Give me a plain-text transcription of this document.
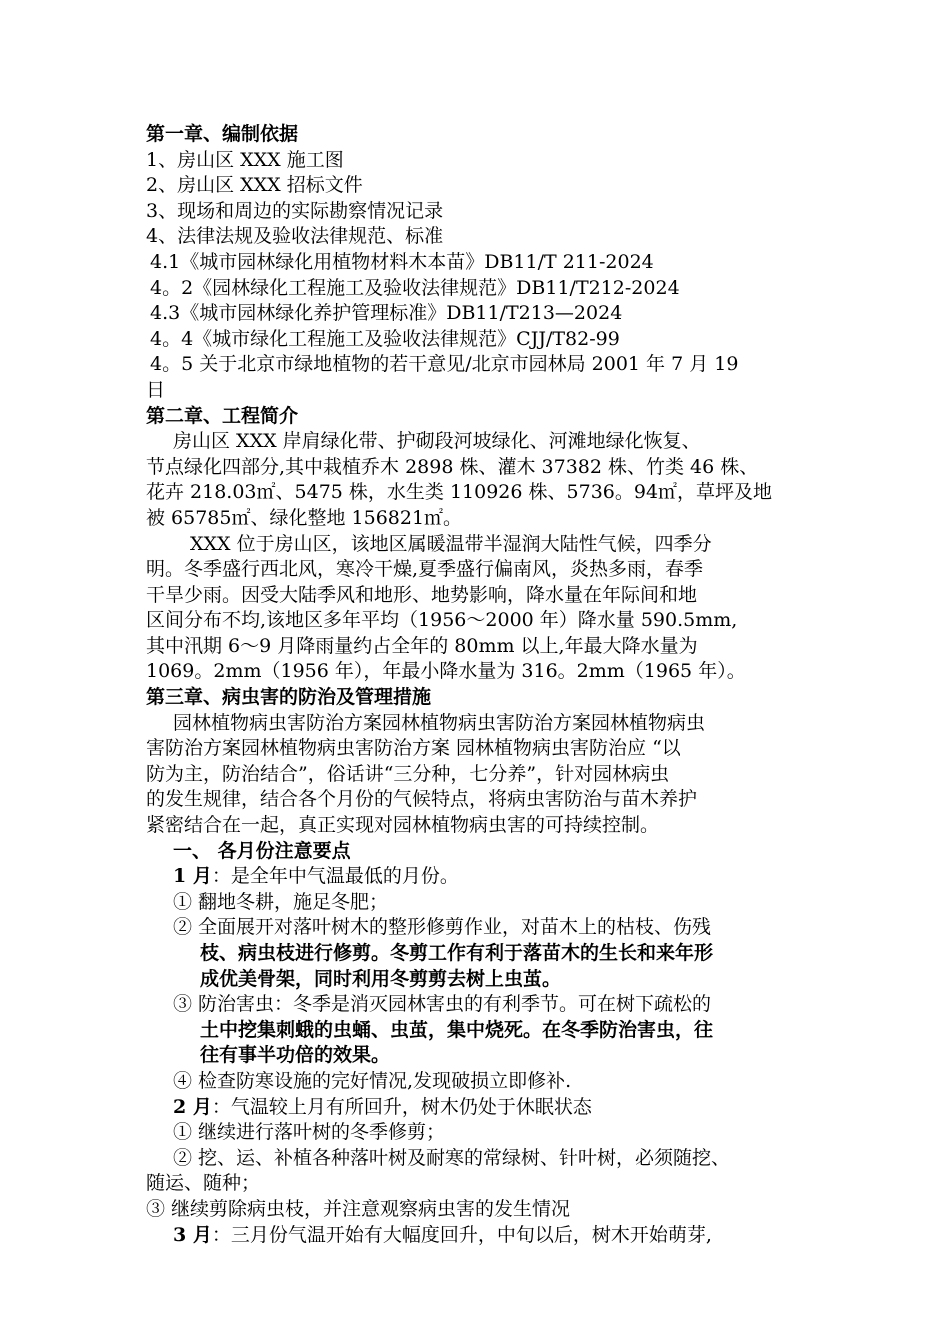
第一章、编制依据
1、房山区 XXX 施工图
2、房山区 XXX 招标文件
3、现场和周边的实际勘察情况记录
4、法律法规及验收法律规范、标准
4.1《城市园林绿化用植物材料木本苗》DB11/T 211-2024
4。2《园林绿化工程施工及验收法律规范》DB11/T212-2024
4.3《城市园林绿化养护管理标准》DB11/T213—2024
4。4《城市绿化工程施工及验收法律规范》CJJ/T82-99
4。5 关于北京市绿地植物的若干意见/北京市园林局 2001 年 7 月 19
日
第二章、工程简介
房山区 XXX 岸肩绿化带、护砌段河坡绿化、河滩地绿化恢复、
节点绿化四部分,其中栽植乔木 2898 株、灌木 37382 株、竹类 46 株、
花卉 218.03㎡、5475 株，水生类 110926 株、5736。94㎡，草坪及地
被 65785㎡、绿化整地 156821㎡。
XXX 位于房山区，该地区属暖温带半湿润大陆性气候，四季分
明。冬季盛行西北风，寒冷干燥,夏季盛行偏南风，炎热多雨，春季
干旱少雨。因受大陆季风和地形、地势影响，降水量在年际间和地
区间分布不均,该地区多年平均（1956～2000 年）降水量 590.5mm,
其中汛期 6～9 月降雨量约占全年的 80mm 以上,年最大降水量为
1069。2mm（1956 年），年最小降水量为 316。2mm（1965 年）。
第三章、病虫害的防治及管理措施
园林植物病虫害防治方案园林植物病虫害防治方案园林植物病虫
害防治方案园林植物病虫害防治方案 园林植物病虫害防治应 “以
防为主，防治结合”，俗话讲“三分种，七分养”，针对园林病虫
的发生规律，结合各个月份的气候特点，将病虫害防治与苗木养护
紧密结合在一起，真正实现对园林植物病虫害的可持续控制。
一、 各月份注意要点
1 月：是全年中气温最低的月份。
① 翻地冬耕，施足冬肥；
② 全面展开对落叶树木的整形修剪作业，对苗木上的枯枝、伤残
枝、病虫枝进行修剪。冬剪工作有利于落苗木的生长和来年形
成优美骨架，同时利用冬剪剪去树上虫茧。
③ 防治害虫：冬季是消灭园林害虫的有利季节。可在树下疏松的
土中挖集刺蛾的虫蛹、虫茧，集中烧死。在冬季防治害虫，往
往有事半功倍的效果。
④ 检查防寒设施的完好情况,发现破损立即修补.
2 月：气温较上月有所回升，树木仍处于休眠状态
① 继续进行落叶树的冬季修剪；
② 挖、运、补植各种落叶树及耐寒的常绿树、针叶树，必须随挖、
随运、随种；
③ 继续剪除病虫枝，并注意观察病虫害的发生情况
3 月：三月份气温开始有大幅度回升，中旬以后，树木开始萌芽,
